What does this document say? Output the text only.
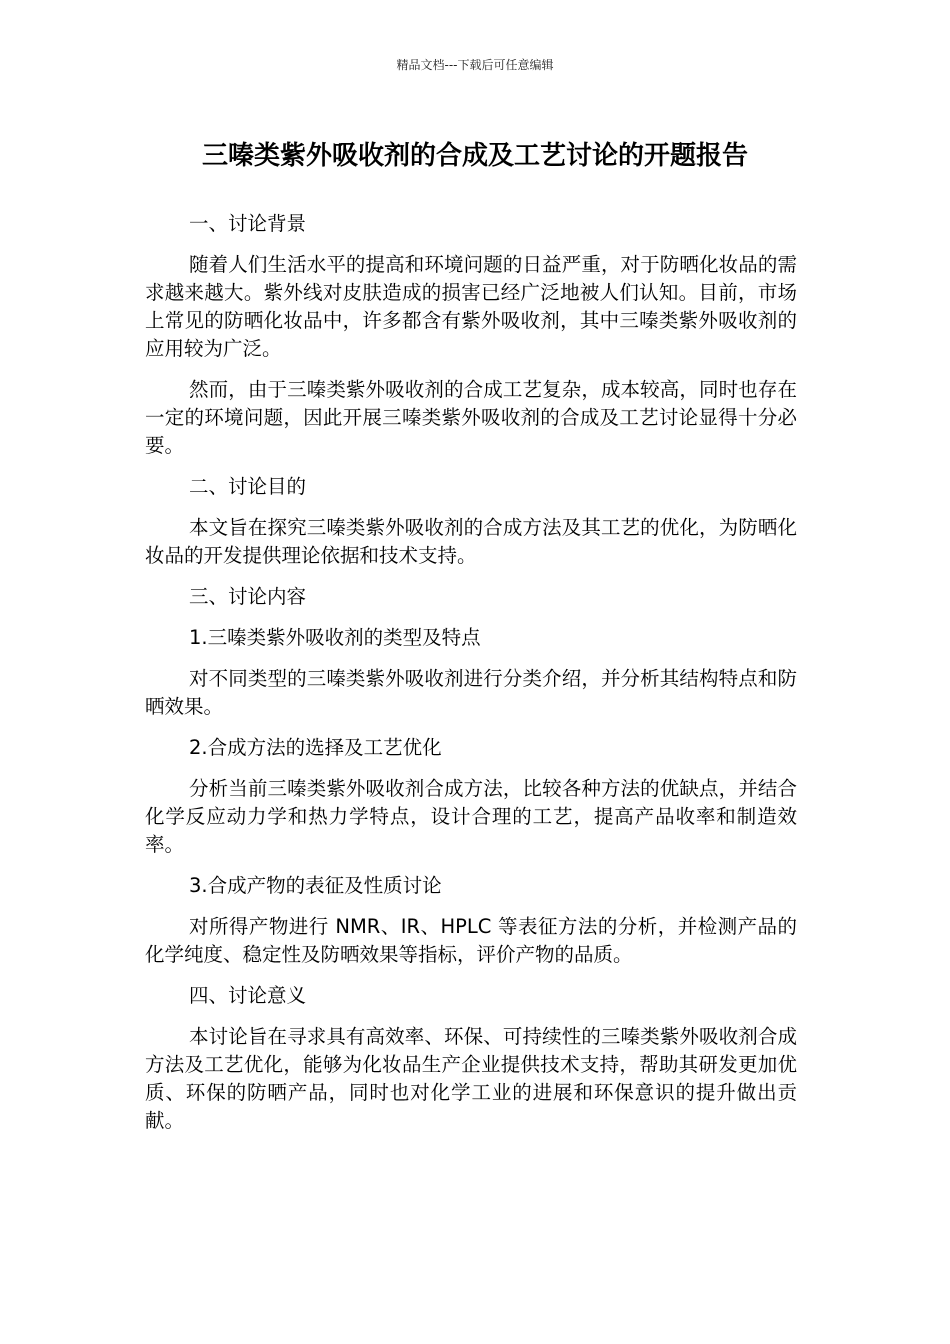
精品文档---下载后可任意编辑
三嗪类紫外吸收剂的合成及工艺讨论的开题报告

一、讨论背景

随着人们生活水平的提高和环境问题的日益严重，对于防晒化妆品的需求越来越大。紫外线对皮肤造成的损害已经广泛地被人们认知。目前，市场上常见的防晒化妆品中，许多都含有紫外吸收剂，其中三嗪类紫外吸收剂的应用较为广泛。

然而，由于三嗪类紫外吸收剂的合成工艺复杂，成本较高，同时也存在一定的环境问题，因此开展三嗪类紫外吸收剂的合成及工艺讨论显得十分必要。

二、讨论目的

本文旨在探究三嗪类紫外吸收剂的合成方法及其工艺的优化，为防晒化妆品的开发提供理论依据和技术支持。

三、讨论内容

1.三嗪类紫外吸收剂的类型及特点

对不同类型的三嗪类紫外吸收剂进行分类介绍，并分析其结构特点和防晒效果。

2.合成方法的选择及工艺优化

分析当前三嗪类紫外吸收剂合成方法，比较各种方法的优缺点，并结合化学反应动力学和热力学特点，设计合理的工艺，提高产品收率和制造效率。

3.合成产物的表征及性质讨论

对所得产物进行 NMR、IR、HPLC 等表征方法的分析，并检测产品的化学纯度、稳定性及防晒效果等指标，评价产物的品质。

四、讨论意义

本讨论旨在寻求具有高效率、环保、可持续性的三嗪类紫外吸收剂合成方法及工艺优化，能够为化妆品生产企业提供技术支持，帮助其研发更加优质、环保的防晒产品，同时也对化学工业的进展和环保意识的提升做出贡献。
